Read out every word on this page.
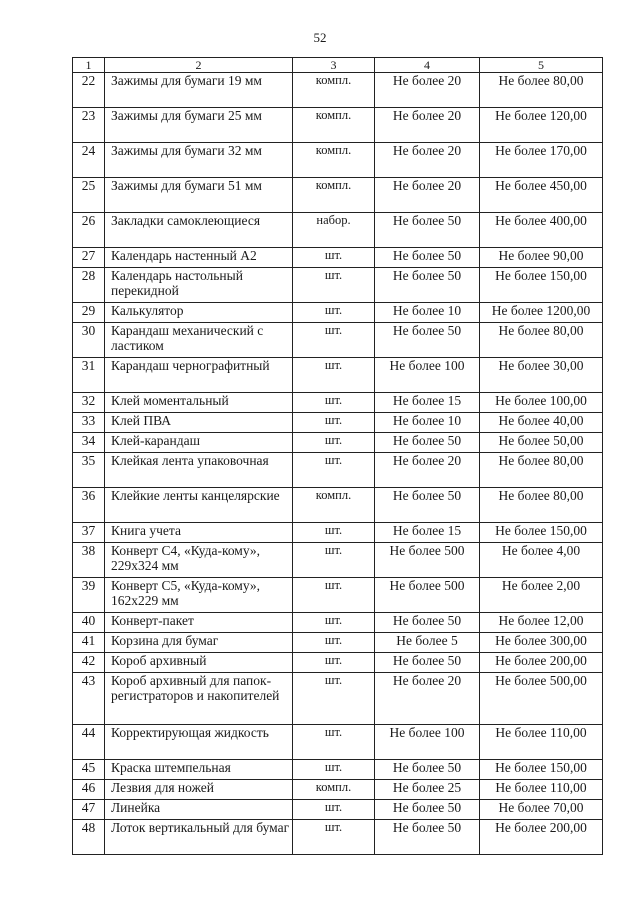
52
1	2	3	4	5
22	Зажимы для бумаги 19 мм	компл.	Не более 20	Не более 80,00
23	Зажимы для бумаги 25 мм	компл.	Не более 20	Не более 120,00
24	Зажимы для бумаги 32 мм	компл.	Не более 20	Не более 170,00
25	Зажимы для бумаги 51 мм	компл.	Не более 20	Не более 450,00
26	Закладки самоклеющиеся	набор.	Не более 50	Не более 400,00
27	Календарь настенный А2	шт.	Не более 50	Не более 90,00
28	Календарь настольный перекидной	шт.	Не более 50	Не более 150,00
29	Калькулятор	шт.	Не более 10	Не более 1200,00
30	Карандаш механический с ластиком	шт.	Не более 50	Не более 80,00
31	Карандаш чернографитный	шт.	Не более 100	Не более 30,00
32	Клей моментальный	шт.	Не более 15	Не более 100,00
33	Клей ПВА	шт.	Не более 10	Не более 40,00
34	Клей-карандаш	шт.	Не более 50	Не более 50,00
35	Клейкая лента упаковочная	шт.	Не более 20	Не более 80,00
36	Клейкие ленты канцелярские	компл.	Не более 50	Не более 80,00
37	Книга учета	шт.	Не более 15	Не более 150,00
38	Конверт С4, «Куда-кому», 229х324 мм	шт.	Не более 500	Не более 4,00
39	Конверт С5, «Куда-кому», 162х229 мм	шт.	Не более 500	Не более 2,00
40	Конверт-пакет	шт.	Не более 50	Не более 12,00
41	Корзина для бумаг	шт.	Не более 5	Не более 300,00
42	Короб архивный	шт.	Не более 50	Не более 200,00
43	Короб архивный для папок-регистраторов и накопителей	шт.	Не более 20	Не более 500,00
44	Корректирующая жидкость	шт.	Не более 100	Не более 110,00
45	Краска штемпельная	шт.	Не более 50	Не более 150,00
46	Лезвия для ножей	компл.	Не более 25	Не более 110,00
47	Линейка	шт.	Не более 50	Не более 70,00
48	Лоток вертикальный для бумаг	шт.	Не более 50	Не более 200,00
